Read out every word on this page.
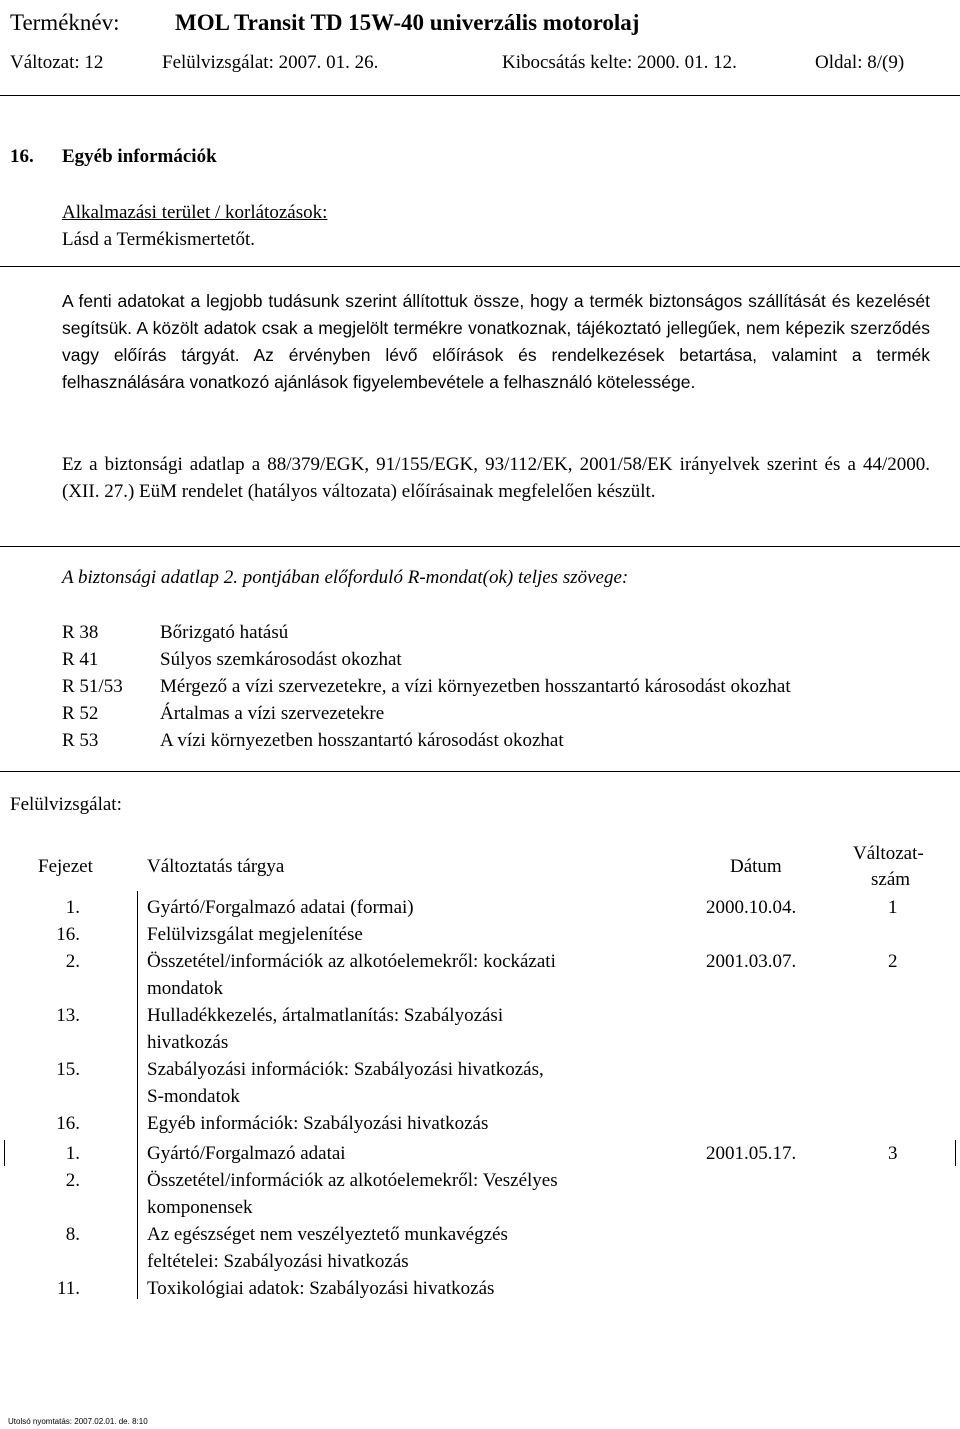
Terméknév: MOL Transit TD 15W-40 univerzális motorolaj
Változat: 12	Felülvizsgálat: 2007. 01. 26.	Kibocsátás kelte: 2000. 01. 12.	Oldal: 8/(9)
16. Egyéb információk
Alkalmazási terület / korlátozások:
Lásd a Termékismertetőt.
A fenti adatokat a legjobb tudásunk szerint állítottuk össze, hogy a termék biztonságos szállítását és kezelését segítsük. A közölt adatok csak a megjelölt termékre vonatkoznak, tájékoztató jellegűek, nem képezik szerződés vagy előírás tárgyát. Az érvényben lévő előírások és rendelkezések betartása, valamint a termék felhasználására vonatkozó ajánlások figyelembevétele a felhasználó kötelessége.
Ez a biztonsági adatlap a 88/379/EGK, 91/155/EGK, 93/112/EK, 2001/58/EK irányelvek szerint és a 44/2000. (XII. 27.) EüM rendelet (hatályos változata) előírásainak megfelelően készült.
A biztonsági adatlap 2. pontjában előforduló R-mondat(ok) teljes szövege:
R 38	Bőrizgató hatású
R 41	Súlyos szemkárosodást okozhat
R 51/53 Mérgező a vízi szervezetekre, a vízi környezetben hosszantartó károsodást okozhat
R 52	Ártalmas a vízi szervezetekre
R 53	A vízi környezetben hosszantartó károsodást okozhat
Felülvizsgálat:
Fejezet	Változtatás tárgya	Dátum
Változat-
szám
1.	Gyártó/Forgalmazó adatai (formai)	2000.10.04.	1
16.	Felülvizsgálat megjelenítése
2.	Összetétel/információk az alkotóelemekről: kockázati
mondatok
2001.03.07.	2
13.	Hulladékkezelés, ártalmatlanítás: Szabályozási
hivatkozás
15.	Szabályozási információk: Szabályozási hivatkozás,
S-mondatok
16.	Egyéb információk: Szabályozási hivatkozás
1.	Gyártó/Forgalmazó adatai	2001.05.17.	3
2.	Összetétel/információk az alkotóelemekről: Veszélyes
komponensek
8.	Az egészséget nem veszélyeztető munkavégzés
feltételei: Szabályozási hivatkozás
11.	Toxikológiai adatok: Szabályozási hivatkozás
Utolsó nyomtatás: 2007.02.01. de. 8:10
